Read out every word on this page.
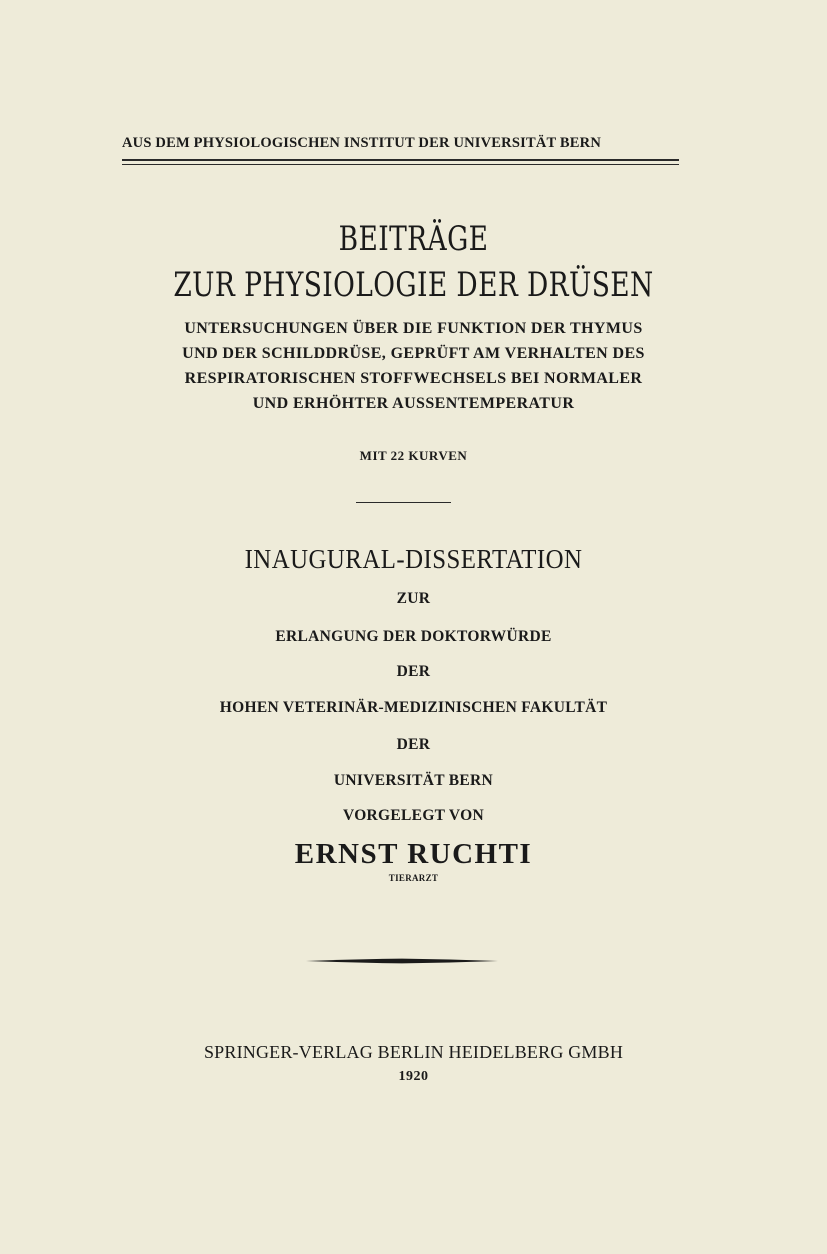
AUS DEM PHYSIOLOGISCHEN INSTITUT DER UNIVERSITÄT BERN
BEITRÄGE
ZUR PHYSIOLOGIE DER DRÜSEN
UNTERSUCHUNGEN ÜBER DIE FUNKTION DER THYMUS
UND DER SCHILDDRÜSE, GEPRÜFT AM VERHALTEN DES
RESPIRATORISCHEN STOFFWECHSELS BEI NORMALER
UND ERHÖHTER AUSSENTEMPERATUR
MIT 22 KURVEN
INAUGURAL-DISSERTATION
ZUR
ERLANGUNG DER DOKTORWÜRDE
DER
HOHEN VETERINÄR-MEDIZINISCHEN FAKULTÄT
DER
UNIVERSITÄT BERN
VORGELEGT VON
ERNST RUCHTI
TIERARZT
SPRINGER-VERLAG BERLIN HEIDELBERG GMBH
1920
